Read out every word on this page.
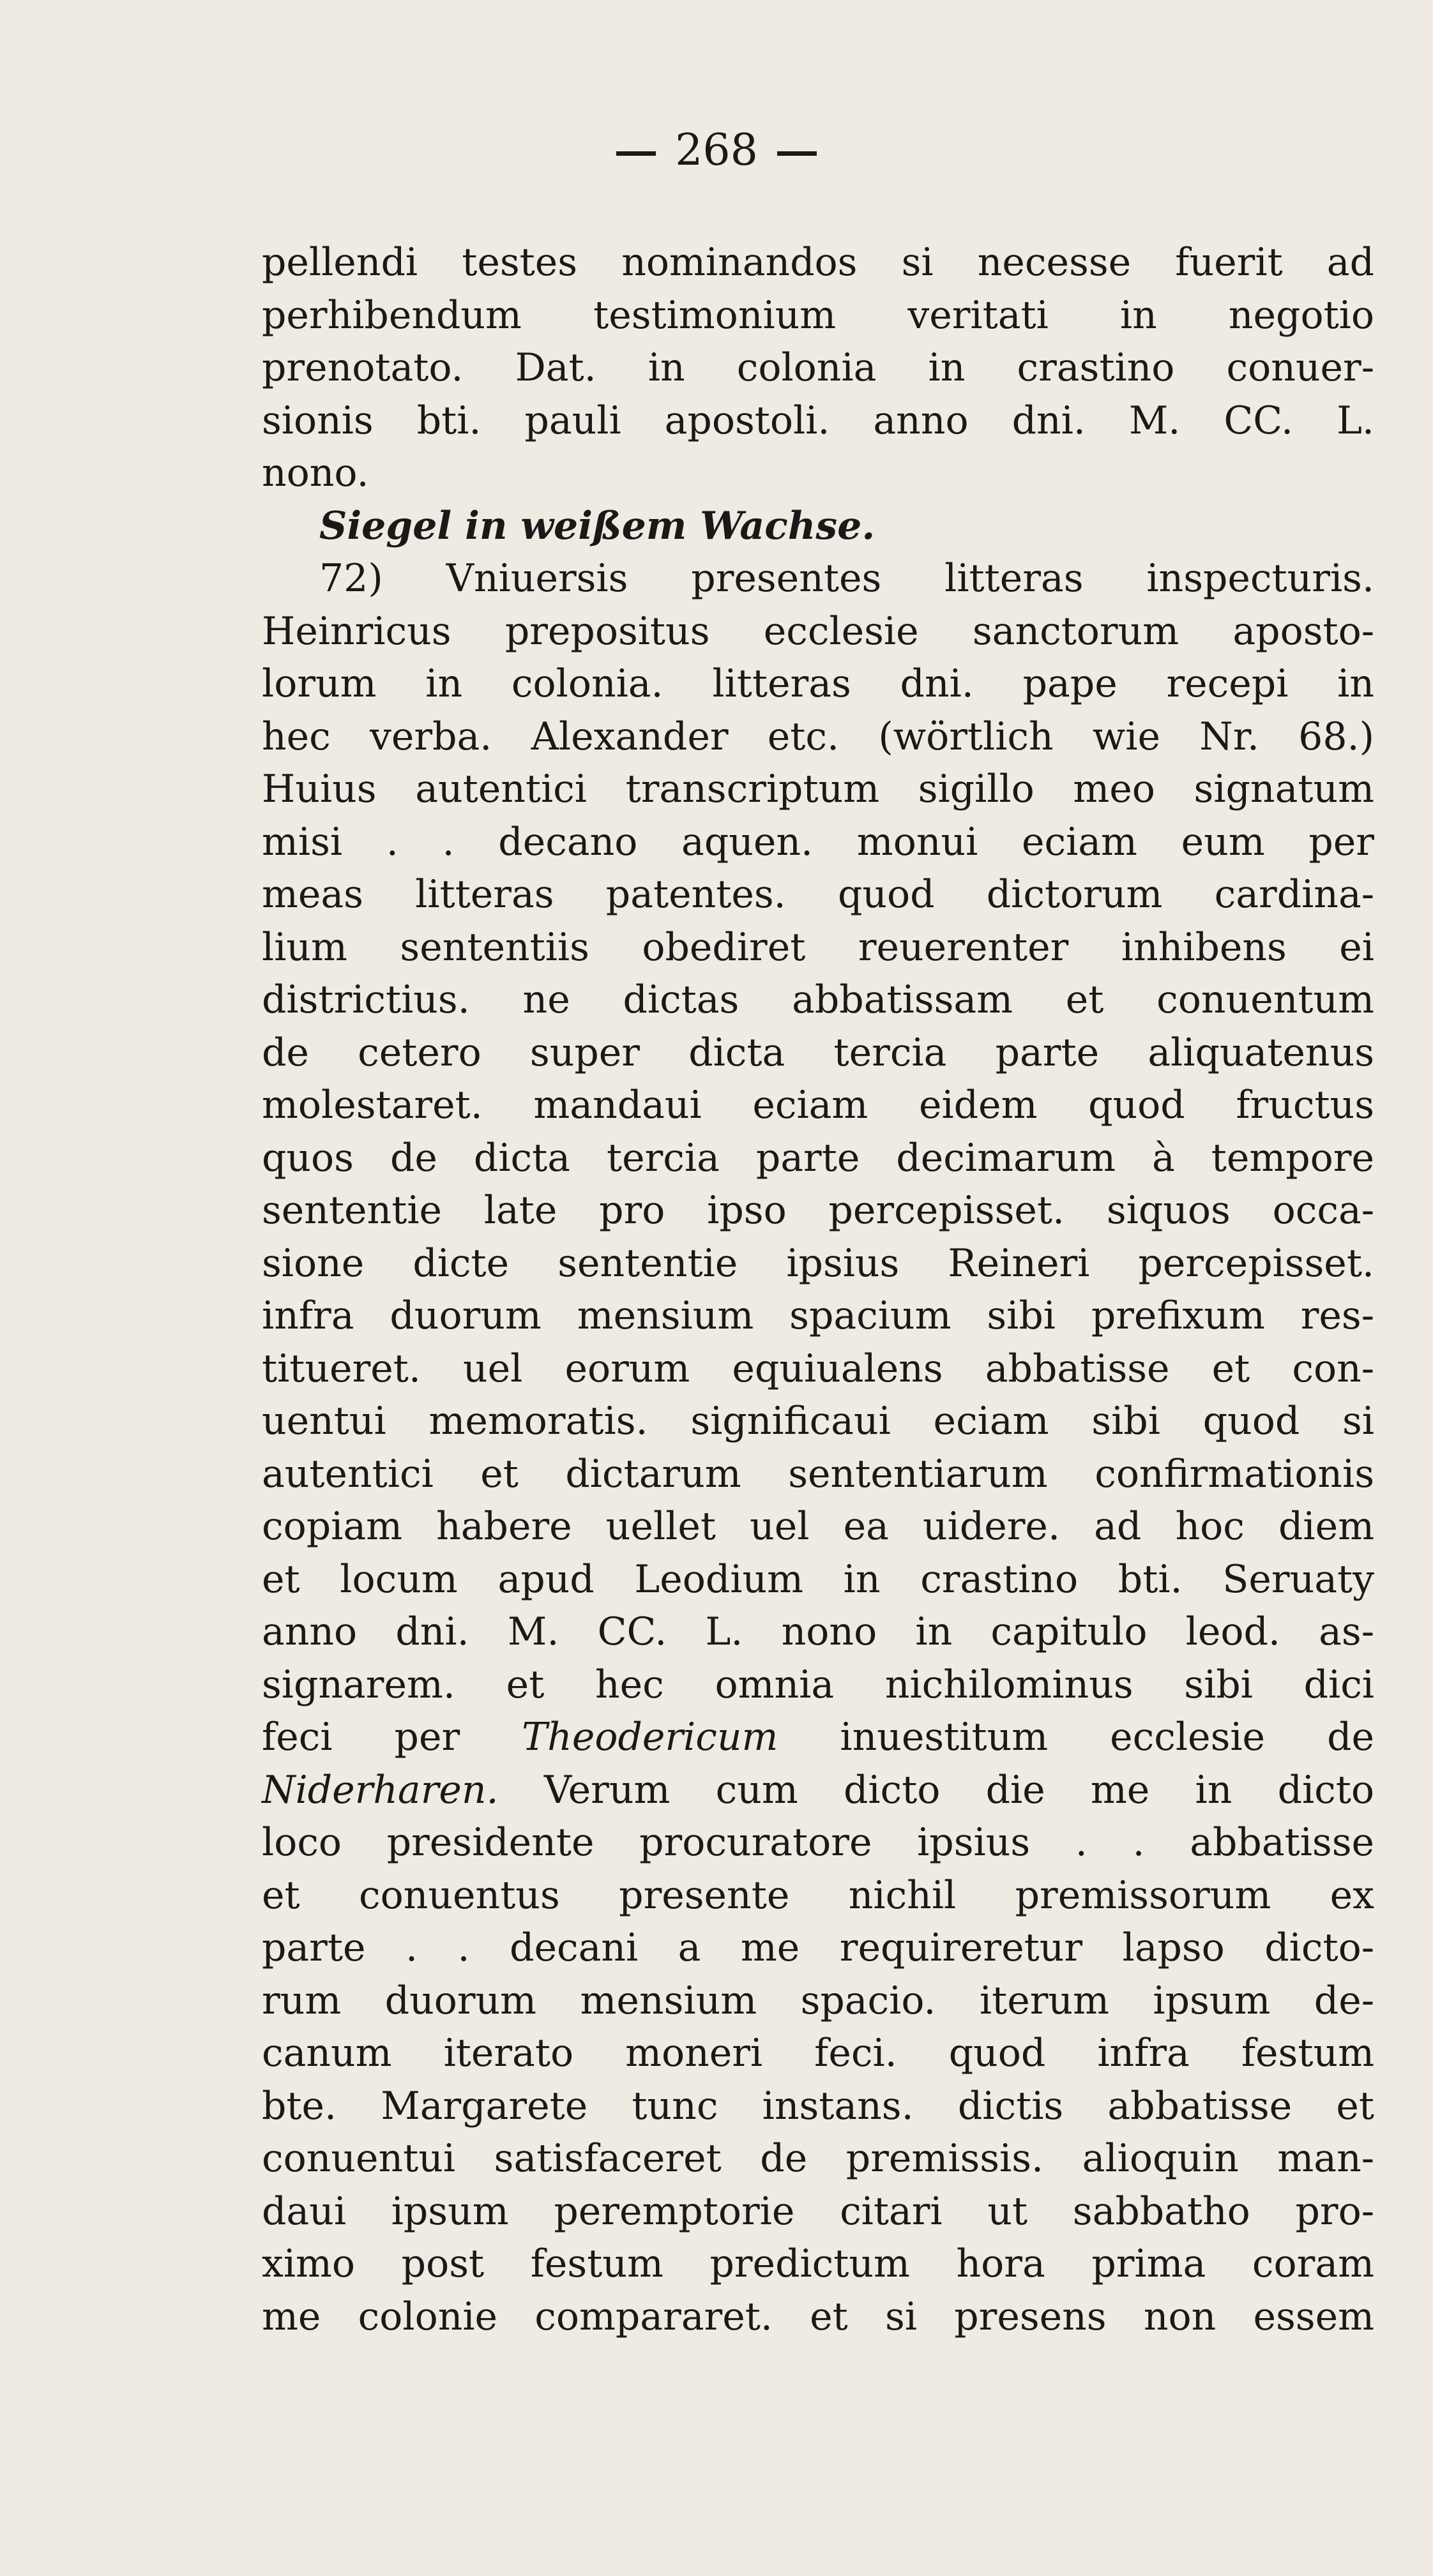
268
pellendi testes nominandos si necesse fuerit ad
perhibendum testimonium veritati in negotio
prenotato. Dat. in colonia in crastino conuer-
sionis bti. pauli apostoli. anno dni. M. CC. L.
nono.
Siegel in weißem Wachse.
72) Vniuersis presentes litteras inspecturis.
Heinricus prepositus ecclesie sanctorum aposto-
lorum in colonia. litteras dni. pape recepi in
hec verba. Alexander etc. (wörtlich wie Nr. 68.)
Huius autentici transcriptum sigillo meo signatum
misi . . decano aquen. monui eciam eum per
meas litteras patentes. quod dictorum cardina-
lium sententiis obediret reuerenter inhibens ei
districtius. ne dictas abbatissam et conuentum
de cetero super dicta tercia parte aliquatenus
molestaret. mandaui eciam eidem quod fructus
quos de dicta tercia parte decimarum à tempore
sententie late pro ipso percepisset. siquos occa-
sione dicte sententie ipsius Reineri percepisset.
infra duorum mensium spacium sibi prefixum res-
titueret. uel eorum equiualens abbatisse et con-
uentui memoratis. significaui eciam sibi quod si
autentici et dictarum sententiarum confirmationis
copiam habere uellet uel ea uidere. ad hoc diem
et locum apud Leodium in crastino bti. Seruaty
anno dni. M. CC. L. nono in capitulo leod. as-
signarem. et hec omnia nichilominus sibi dici
feci per Theodericum inuestitum ecclesie de
Niderharen. Verum cum dicto die me in dicto
loco presidente procuratore ipsius . . abbatisse
et conuentus presente nichil premissorum ex
parte . . decani a me requireretur lapso dicto-
rum duorum mensium spacio. iterum ipsum de-
canum iterato moneri feci. quod infra festum
bte. Margarete tunc instans. dictis abbatisse et
conuentui satisfaceret de premissis. alioquin man-
daui ipsum peremptorie citari ut sabbatho pro-
ximo post festum predictum hora prima coram
me colonie compararet. et si presens non essem
